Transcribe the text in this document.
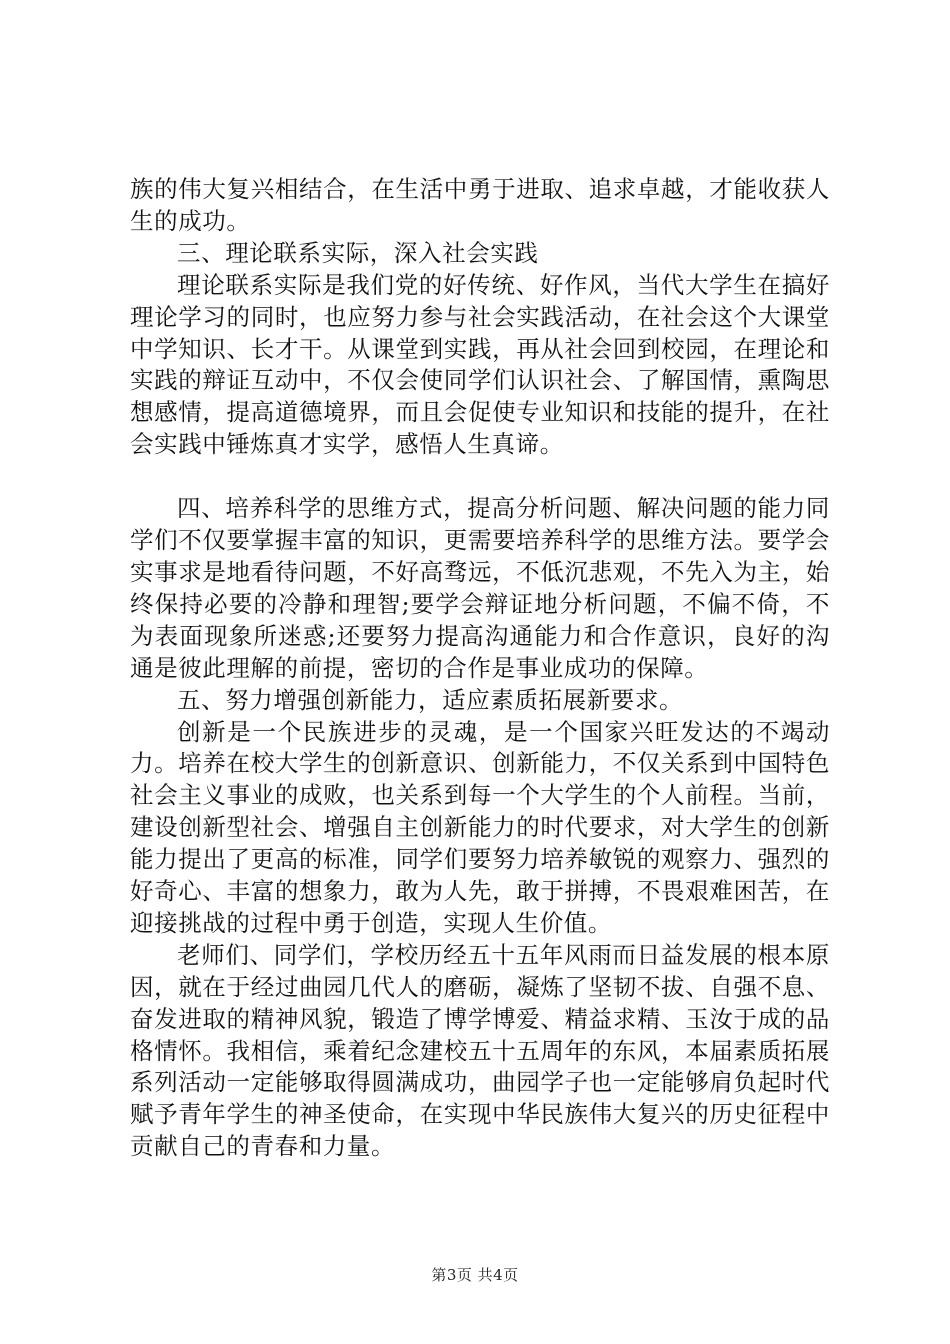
族的伟大复兴相结合，在生活中勇于进取、追求卓越，才能收获人生的成功。

三、理论联系实际，深入社会实践

理论联系实际是我们党的好传统、好作风，当代大学生在搞好理论学习的同时，也应努力参与社会实践活动，在社会这个大课堂中学知识、长才干。从课堂到实践，再从社会回到校园，在理论和实践的辩证互动中，不仅会使同学们认识社会、了解国情，熏陶思想感情，提高道德境界，而且会促使专业知识和技能的提升，在社会实践中锤炼真才实学，感悟人生真谛。

四、培养科学的思维方式，提高分析问题、解决问题的能力同学们不仅要掌握丰富的知识，更需要培养科学的思维方法。要学会实事求是地看待问题，不好高骛远，不低沉悲观，不先入为主，始终保持必要的冷静和理智;要学会辩证地分析问题，不偏不倚，不为表面现象所迷惑;还要努力提高沟通能力和合作意识，良好的沟通是彼此理解的前提，密切的合作是事业成功的保障。

五、努力增强创新能力，适应素质拓展新要求。

创新是一个民族进步的灵魂，是一个国家兴旺发达的不竭动力。培养在校大学生的创新意识、创新能力，不仅关系到中国特色社会主义事业的成败，也关系到每一个大学生的个人前程。当前，建设创新型社会、增强自主创新能力的时代要求，对大学生的创新能力提出了更高的标准，同学们要努力培养敏锐的观察力、强烈的好奇心、丰富的想象力，敢为人先，敢于拼搏，不畏艰难困苦，在迎接挑战的过程中勇于创造，实现人生价值。

老师们、同学们，学校历经五十五年风雨而日益发展的根本原因，就在于经过曲园几代人的磨砺，凝炼了坚韧不拔、自强不息、奋发进取的精神风貌，锻造了博学博爱、精益求精、玉汝于成的品格情怀。我相信，乘着纪念建校五十五周年的东风，本届素质拓展系列活动一定能够取得圆满成功，曲园学子也一定能够肩负起时代赋予青年学生的神圣使命，在实现中华民族伟大复兴的历史征程中贡献自己的青春和力量。

第3页 共4页
